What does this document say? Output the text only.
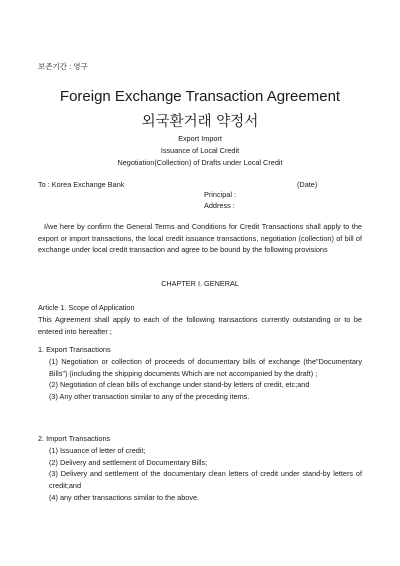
보존기간 : 영구
Foreign Exchange Transaction Agreement
외국환거래 약정서
Export Import
Issuance of Local Credit
Negotiation(Collection) of Drafts under Local Credit
To : Korea Exchange Bank	(Date)
Principal :
Address :
I/we here by confirm the General Terms and Conditions for Credit Transactions shall apply to the export or import transactions, the local credit issuance transactions, negotiation (collection) of bill of exchange under local credit transaction and agree to be bound by the following provisions
CHAPTER I. GENERAL
Article 1. Scope of Application
This Agreement shall apply to each of the following transactions currently outstanding or to be entered into hereafter ;
1. Export Transactions
(1) Negotiation or collection of proceeds of documentary bills of exchange (the"Documentary Bills") (including the shipping documents Which are not accompanied by the draft) ;
(2) Negotiation of clean bills of exchange under stand-by letters of credit, etc;and
(3) Any other transaction similar to any of the preceding items.
2. Import Transactions
(1) Issuance of letter of credit;
(2) Delivery and settlement of Documentary Bills;
(3) Delivery and settlement of the documentary clean letters of credit under stand-by letters of credit;and
(4) any other transactions similar to the above.
